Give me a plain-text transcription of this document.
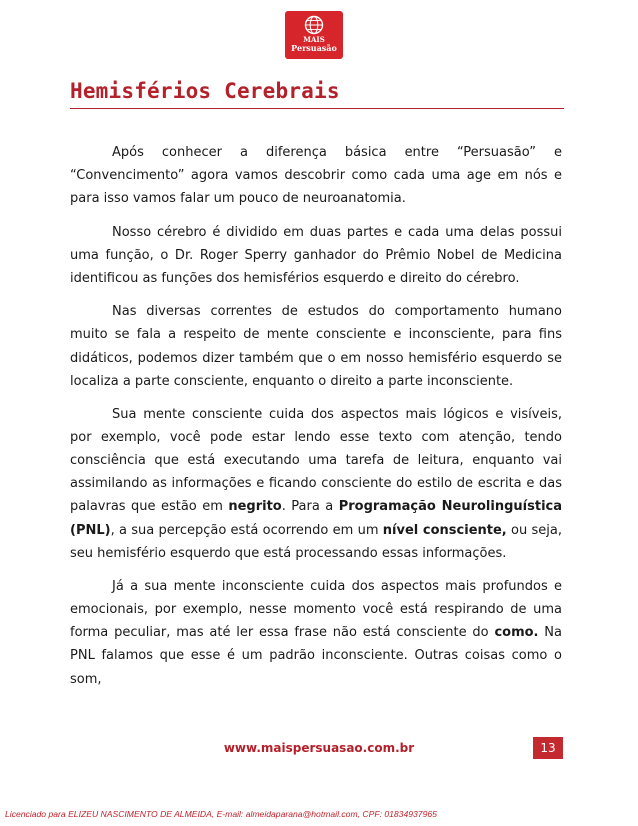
MAIS
Persuasão
Hemisférios Cerebrais

Após conhecer a diferença básica entre “Persuasão” e “Convencimento” agora vamos descobrir como cada uma age em nós e para isso vamos falar um pouco de neuroanatomia.

Nosso cérebro é dividido em duas partes e cada uma delas possui uma função, o Dr. Roger Sperry ganhador do Prêmio Nobel de Medicina identificou as funções dos hemisférios esquerdo e direito do cérebro.

Nas diversas correntes de estudos do comportamento humano muito se fala a respeito de mente consciente e inconsciente, para fins didáticos, podemos dizer também que o em nosso hemisfério esquerdo se localiza a parte consciente, enquanto o direito a parte inconsciente.

Sua mente consciente cuida dos aspectos mais lógicos e visíveis, por exemplo, você pode estar lendo esse texto com atenção, tendo consciência que está executando uma tarefa de leitura, enquanto vai assimilando as informações e ficando consciente do estilo de escrita e das palavras que estão em negrito. Para a Programação Neurolinguística (PNL), a sua percepção está ocorrendo em um nível consciente, ou seja, seu hemisfério esquerdo que está processando essas informações.

Já a sua mente inconsciente cuida dos aspectos mais profundos e emocionais, por exemplo, nesse momento você está respirando de uma forma peculiar, mas até ler essa frase não está consciente do como. Na PNL falamos que esse é um padrão inconsciente. Outras coisas como o som,

www.maispersuasao.com.br	13
Licenciado para ELIZEU NASCIMENTO DE ALMEIDA, E-mail: almeidaparana@hotmail.com, CPF: 01834937965
